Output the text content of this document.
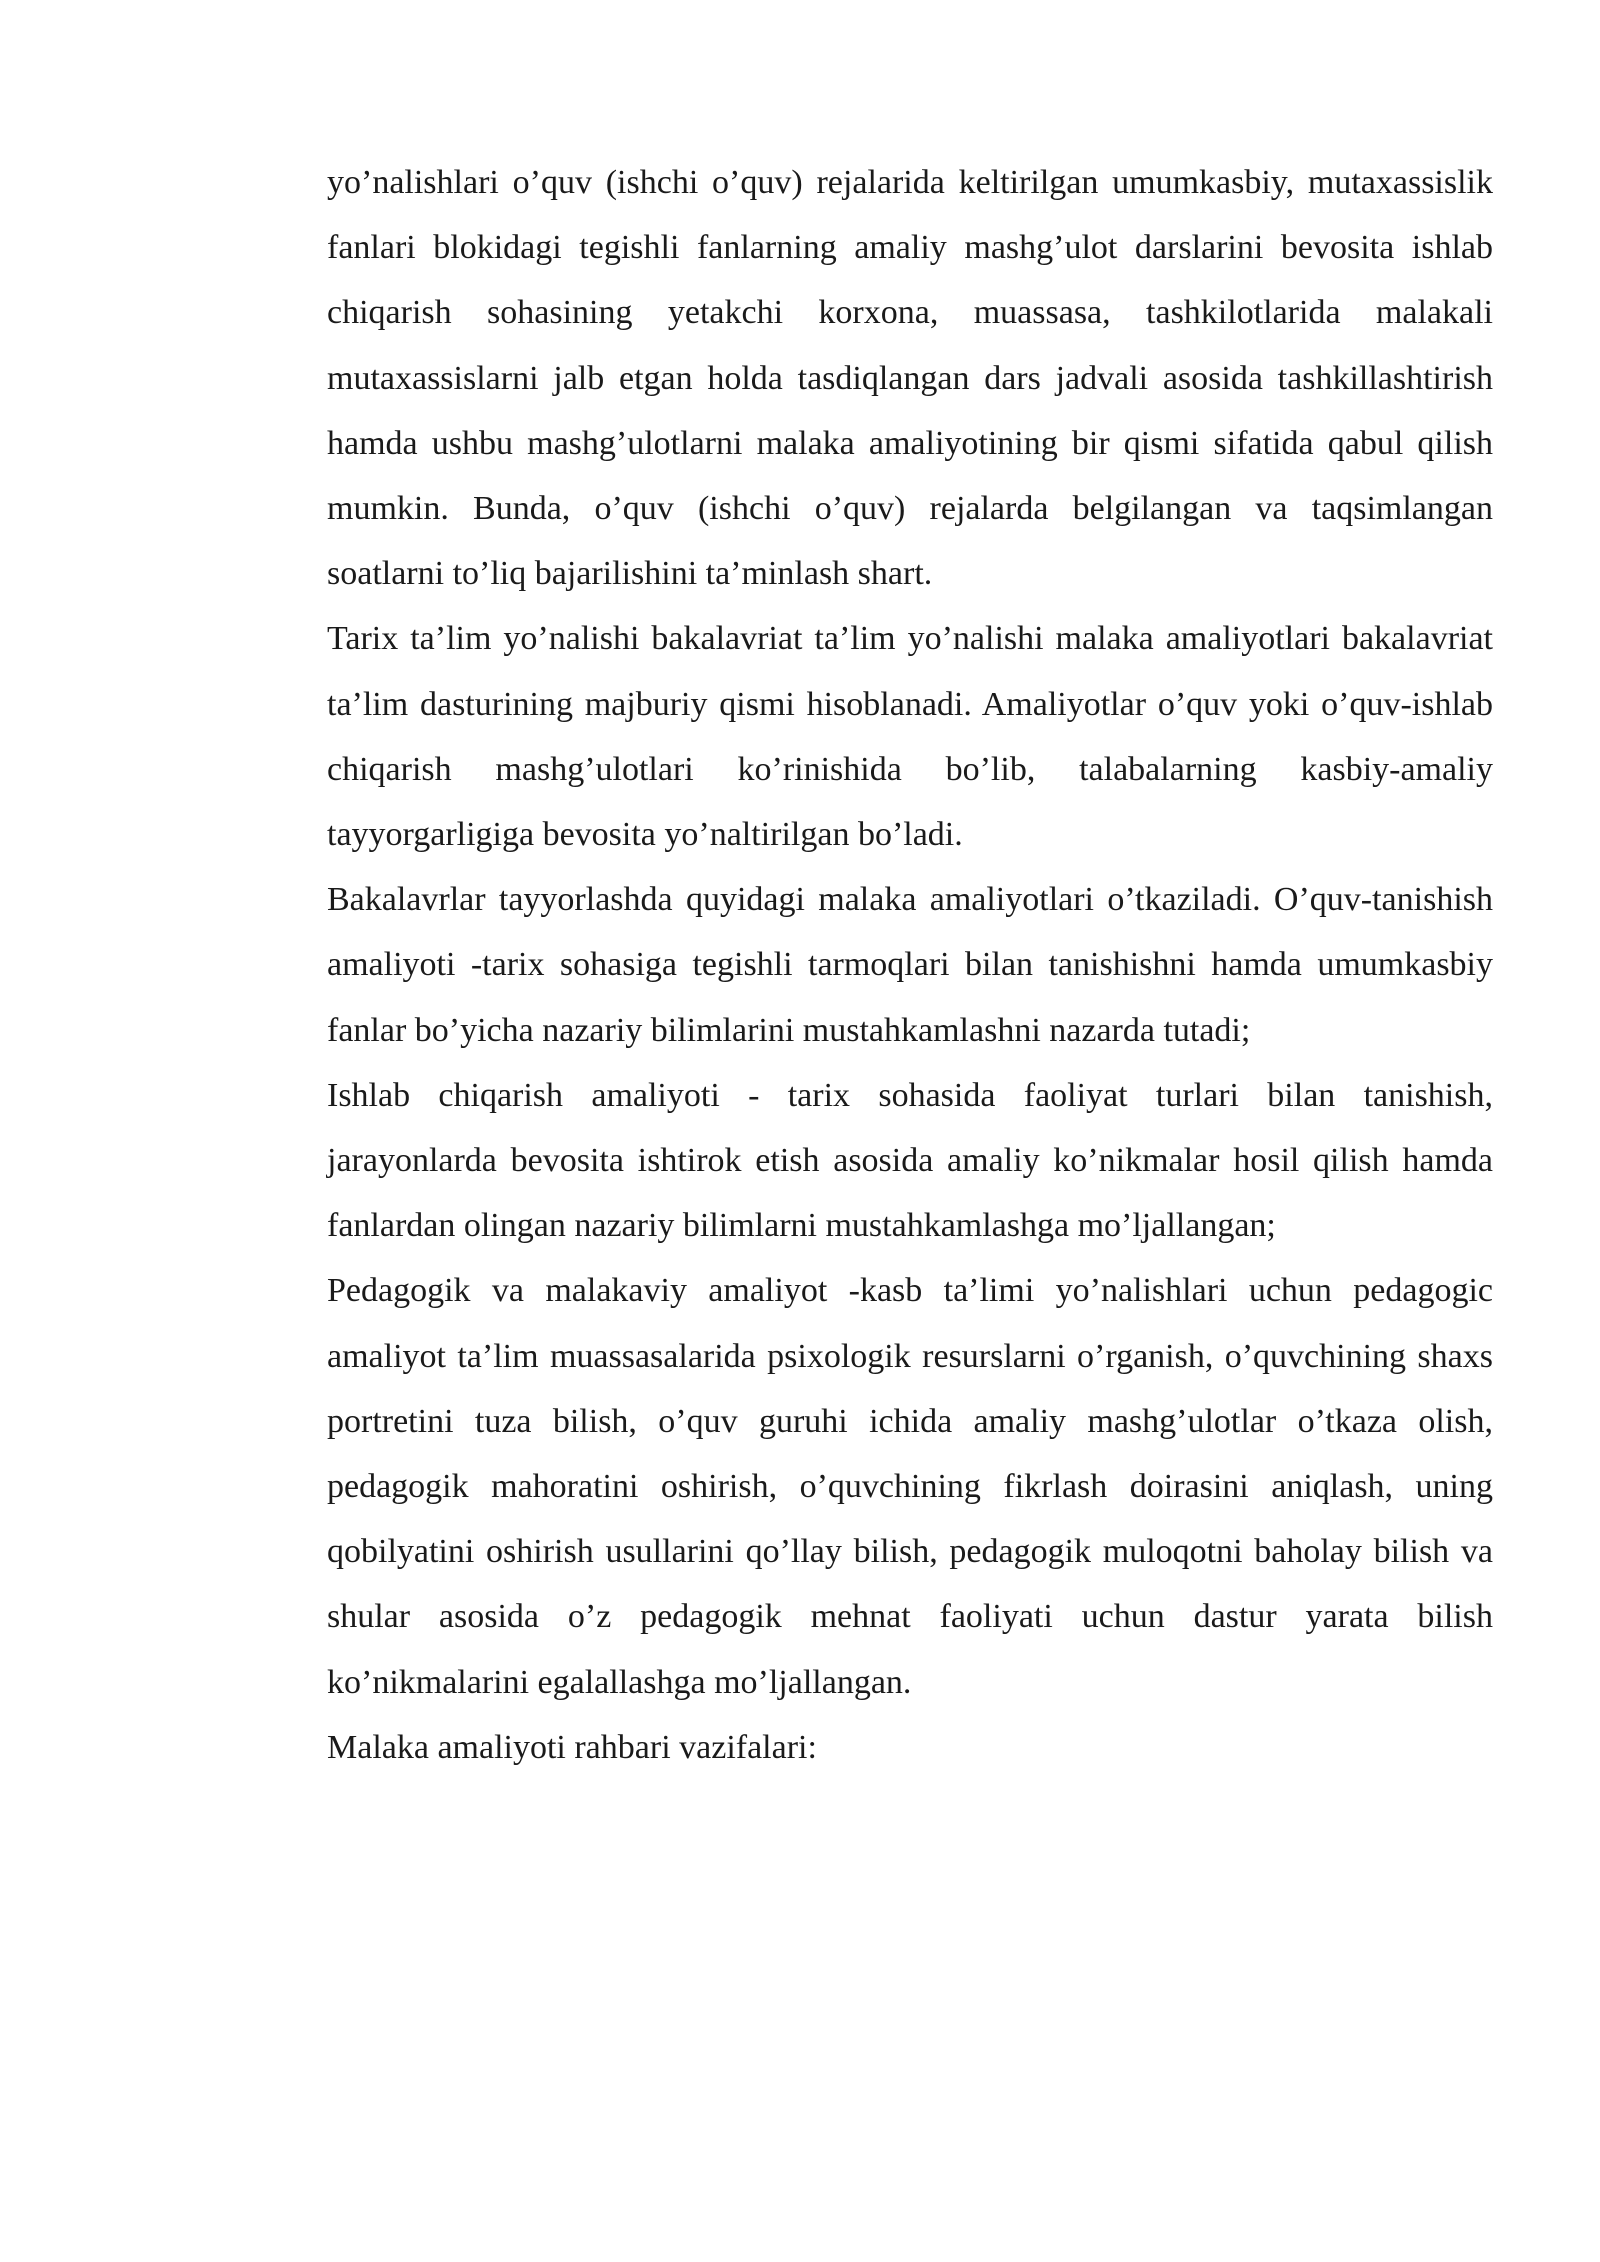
yo’nalishlari o’quv (ishchi o’quv) rejalarida keltirilgan umumkasbiy, mutaxassislik fanlari blokidagi tegishli fanlarning amaliy mashg’ulot darslarini bevosita ishlab chiqarish sohasining yetakchi korxona, muassasa, tashkilotlarida malakali mutaxassislarni jalb etgan holda tasdiqlangan dars jadvali asosida tashkillashtirish hamda ushbu mashg’ulotlarni malaka amaliyotining bir qismi sifatida qabul qilish mumkin. Bunda, o’quv (ishchi o’quv) rejalarda belgilangan va taqsimlangan soatlarni to’liq bajarilishini ta’minlash shart.

Tarix ta’lim yo’nalishi bakalavriat ta’lim yo’nalishi malaka amaliyotlari bakalavriat ta’lim dasturining majburiy qismi hisoblanadi. Amaliyotlar o’quv yoki o’quv-ishlab chiqarish mashg’ulotlari ko’rinishida bo’lib, talabalarning kasbiy-amaliy tayyorgarligiga bevosita yo’naltirilgan bo’ladi.

Bakalavrlar tayyorlashda quyidagi malaka amaliyotlari o’tkaziladi. O’quv-tanishish amaliyoti -tarix sohasiga tegishli tarmoqlari bilan tanishishni hamda umumkasbiy fanlar bo’yicha nazariy bilimlarini mustahkamlashni nazarda tutadi;

Ishlab chiqarish amaliyoti - tarix sohasida faoliyat turlari bilan tanishish, jarayonlarda bevosita ishtirok etish asosida amaliy ko’nikmalar hosil qilish hamda fanlardan olingan nazariy bilimlarni mustahkamlashga mo’ljallangan;

Pedagogik va malakaviy amaliyot -kasb ta’limi yo’nalishlari uchun pedagogic amaliyot ta’lim muassasalarida psixologik resurslarni o’rganish, o’quvchining shaxs portretini tuza bilish, o’quv guruhi ichida amaliy mashg’ulotlar o’tkaza olish, pedagogik mahoratini oshirish, o’quvchining fikrlash doirasini aniqlash, uning qobilyatini oshirish usullarini qo’llay bilish, pedagogik muloqotni baholay bilish va shular asosida o’z pedagogik mehnat faoliyati uchun dastur yarata bilish ko’nikmalarini egalallashga mo’ljallangan.

Malaka amaliyoti rahbari vazifalari:
